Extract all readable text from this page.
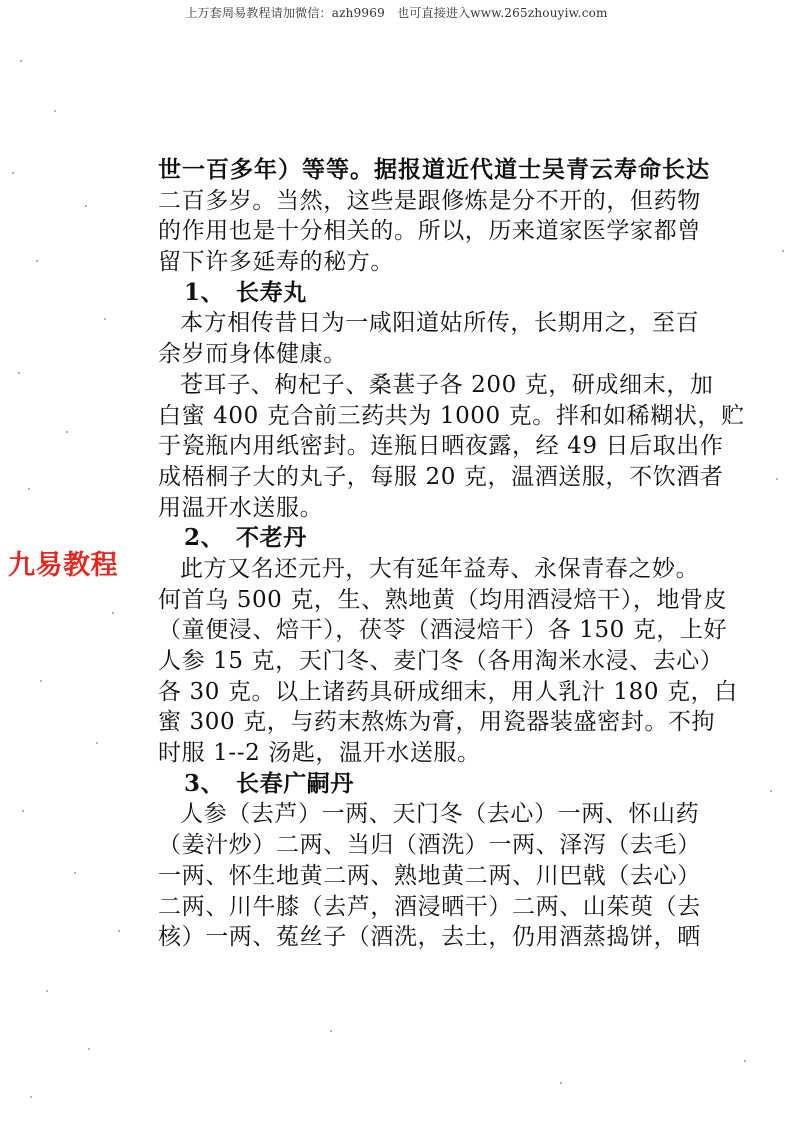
上万套周易教程请加微信：azh9969　也可直接进入www.265zhouyiw.com
九易教程
世一百多年）等等。据报道近代道士吴青云寿命长达
二百多岁。当然，这些是跟修炼是分不开的，但药物
的作用也是十分相关的。所以，历来道家医学家都曾
留下许多延寿的秘方。
1、 长寿丸
本方相传昔日为一咸阳道姑所传，长期用之，至百
余岁而身体健康。
苍耳子、枸杞子、桑葚子各 200 克，研成细末，加
白蜜 400 克合前三药共为 1000 克。拌和如稀糊状，贮
于瓷瓶内用纸密封。连瓶日晒夜露，经 49 日后取出作
成梧桐子大的丸子，每服 20 克，温酒送服，不饮酒者
用温开水送服。
2、 不老丹
此方又名还元丹，大有延年益寿、永保青春之妙。
何首乌 500 克，生、熟地黄（均用酒浸焙干），地骨皮
（童便浸、焙干），茯苓（酒浸焙干）各 150 克，上好
人参 15 克，天门冬、麦门冬（各用淘米水浸、去心）
各 30 克。以上诸药具研成细末，用人乳汁 180 克，白
蜜 300 克，与药末熬炼为膏，用瓷器装盛密封。不拘
时服 1--2 汤匙，温开水送服。
3、 长春广嗣丹
人参（去芦）一两、天门冬（去心）一两、怀山药
（姜汁炒）二两、当归（酒洗）一两、泽泻（去毛）
一两、怀生地黄二两、熟地黄二两、川巴戟（去心）
二两、川牛膝（去芦，酒浸晒干）二两、山茱萸（去
核）一两、菟丝子（酒洗，去土，仍用酒蒸捣饼，晒
